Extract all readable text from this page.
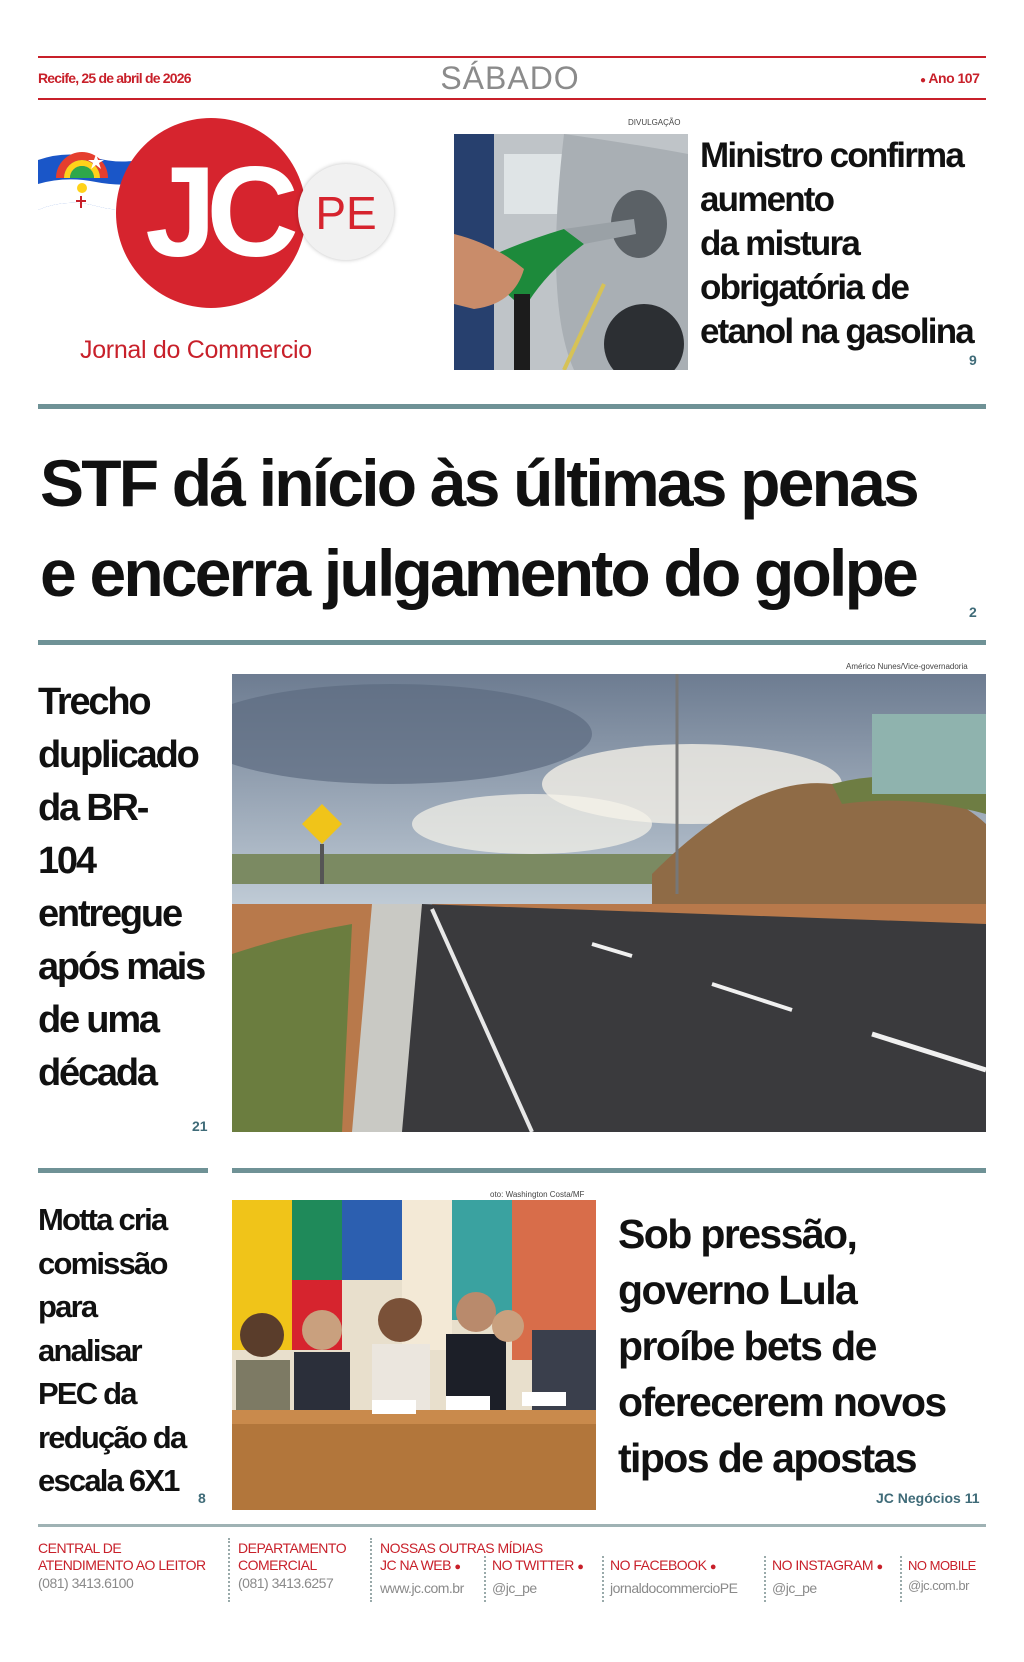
Recife, 25 de abril de 2026	SÁBADO	● Ano 107
JC PE
Jornal do Commercio
DIVULGAÇÃO
Ministro confirma
aumento
da mistura
obrigatória de
etanol na gasolina
9
STF dá início às últimas penas
e encerra julgamento do golpe
2
Trecho
duplicado
da BR-
104
entregue
após mais
de uma
década
21
Américo Nunes/Vice-governadoria
Motta cria
comissão
para
analisar
PEC da
redução da
escala 6X1	8
oto: Washington Costa/MF
Sob pressão,
governo Lula
proíbe bets de
oferecerem novos
tipos de apostas
JC Negócios 11
CENTRAL DE
ATENDIMENTO AO LEITOR
(081) 3413.6100
DEPARTAMENTO
COMERCIAL
(081) 3413.6257
NOSSAS OUTRAS MÍDIAS
JC NA WEB ●
www.jc.com.br
NO TWITTER ●
@jc_pe
NO FACEBOOK ●
jornaldocommercioPE
NO INSTAGRAM ●
@jc_pe
NO MOBILE
@jc.com.br
